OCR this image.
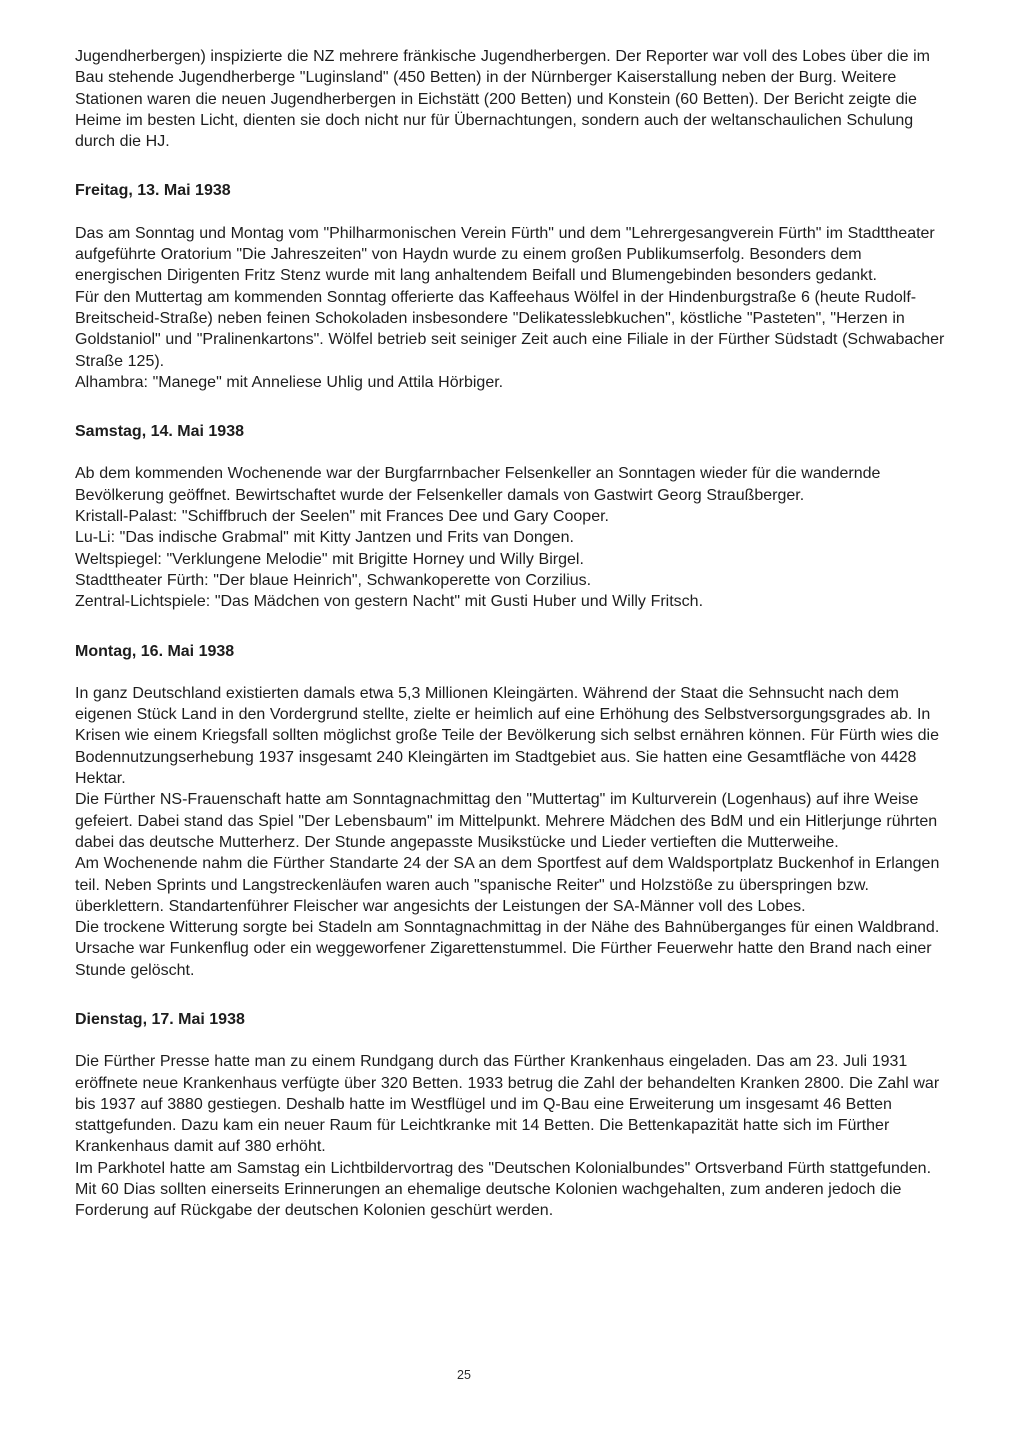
Jugendherbergen) inspizierte die NZ mehrere fränkische Jugendherbergen. Der Reporter war voll des Lobes über die im Bau stehende Jugendherberge "Luginsland" (450 Betten) in der Nürnberger Kaiserstallung neben der Burg. Weitere Stationen waren die neuen Jugendherbergen in Eichstätt (200 Betten) und Konstein (60 Betten). Der Bericht zeigte die Heime im besten Licht, dienten sie doch nicht nur für Übernachtungen, sondern auch der weltanschaulichen Schulung durch die HJ.

Freitag, 13. Mai 1938

Das am Sonntag und Montag vom "Philharmonischen Verein Fürth" und dem "Lehrergesangverein Fürth" im Stadttheater aufgeführte Oratorium "Die Jahreszeiten" von Haydn wurde zu einem großen Publikumserfolg. Besonders dem energischen Dirigenten Fritz Stenz wurde mit lang anhaltendem Beifall und Blumengebinden besonders gedankt.

Für den Muttertag am kommenden Sonntag offerierte das Kaffeehaus Wölfel in der Hindenburgstraße 6 (heute Rudolf-Breitscheid-Straße) neben feinen Schokoladen insbesondere "Delikatesslebkuchen", köstliche "Pasteten", "Herzen in Goldstaniol" und "Pralinenkartons". Wölfel betrieb seit seiniger Zeit auch eine Filiale in der Fürther Südstadt (Schwabacher Straße 125).

Alhambra: "Manege" mit Anneliese Uhlig und Attila Hörbiger.

Samstag, 14. Mai 1938

Ab dem kommenden Wochenende war der Burgfarrnbacher Felsenkeller an Sonntagen wieder für die wandernde Bevölkerung geöffnet. Bewirtschaftet wurde der Felsenkeller damals von Gastwirt Georg Straußberger.

Kristall-Palast: "Schiffbruch der Seelen" mit Frances Dee und Gary Cooper.

Lu-Li: "Das indische Grabmal" mit Kitty Jantzen und Frits van Dongen.

Weltspiegel: "Verklungene Melodie" mit Brigitte Horney und Willy Birgel.

Stadttheater Fürth: "Der blaue Heinrich", Schwankoperette von Corzilius.

Zentral-Lichtspiele: "Das Mädchen von gestern Nacht" mit Gusti Huber und Willy Fritsch.

Montag, 16. Mai 1938

In ganz Deutschland existierten damals etwa 5,3 Millionen Kleingärten. Während der Staat die Sehnsucht nach dem eigenen Stück Land in den Vordergrund stellte, zielte er heimlich auf eine Erhöhung des Selbstversorgungsgrades ab. In Krisen wie einem Kriegsfall sollten möglichst große Teile der Bevölkerung sich selbst ernähren können. Für Fürth wies die Bodennutzungserhebung 1937 insgesamt 240 Kleingärten im Stadtgebiet aus. Sie hatten eine Gesamtfläche von 4428 Hektar.

Die Fürther NS-Frauenschaft hatte am Sonntagnachmittag den "Muttertag" im Kulturverein (Logenhaus) auf ihre Weise gefeiert. Dabei stand das Spiel "Der Lebensbaum" im Mittelpunkt. Mehrere Mädchen des BdM und ein Hitlerjunge rührten dabei das deutsche Mutterherz. Der Stunde angepasste Musikstücke und Lieder vertieften die Mutterweihe.

Am Wochenende nahm die Fürther Standarte 24 der SA an dem Sportfest auf dem Waldsportplatz Buckenhof in Erlangen teil. Neben Sprints und Langstreckenläufen waren auch "spanische Reiter" und Holzstöße zu überspringen bzw. überklettern. Standartenführer Fleischer war angesichts der Leistungen der SA-Männer voll des Lobes.

Die trockene Witterung sorgte bei Stadeln am Sonntagnachmittag in der Nähe des Bahnüberganges für einen Waldbrand. Ursache war Funkenflug oder ein weggeworfener Zigarettenstummel. Die Fürther Feuerwehr hatte den Brand nach einer Stunde gelöscht.

Dienstag, 17. Mai 1938

Die Fürther Presse hatte man zu einem Rundgang durch das Fürther Krankenhaus eingeladen. Das am 23. Juli 1931 eröffnete neue Krankenhaus verfügte über 320 Betten. 1933 betrug die Zahl der behandelten Kranken 2800. Die Zahl war bis 1937 auf 3880 gestiegen. Deshalb hatte im Westflügel und im Q-Bau eine Erweiterung um insgesamt 46 Betten stattgefunden. Dazu kam ein neuer Raum für Leichtkranke mit 14 Betten. Die Bettenkapazität hatte sich im Fürther Krankenhaus damit auf 380 erhöht.

Im Parkhotel hatte am Samstag ein Lichtbildervortrag des "Deutschen Kolonialbundes" Ortsverband Fürth stattgefunden. Mit 60 Dias sollten einerseits Erinnerungen an ehemalige deutsche Kolonien wachgehalten, zum anderen jedoch die Forderung auf Rückgabe der deutschen Kolonien geschürt werden.

25
